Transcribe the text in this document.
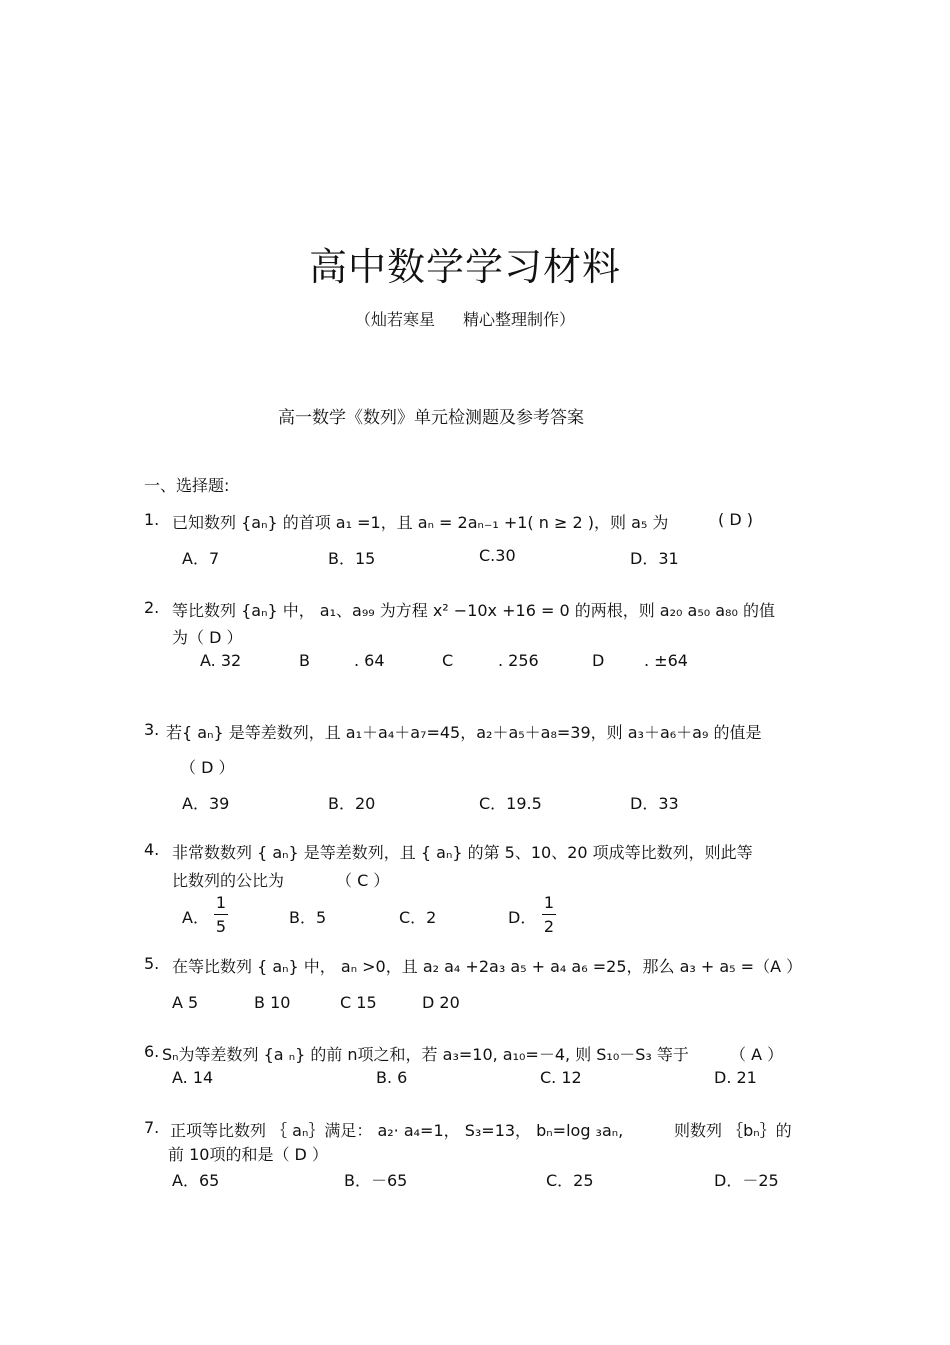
高中数学学习材料
（灿若寒星 精心整理制作）
高一数学《数列》单元检测题及参考答案
一、选择题:
1. 已知数列 {aₙ} 的首项 a₁ =1，且 aₙ = 2aₙ₋₁ +1( n ≥ 2 )，则 a₅ 为	( D )
A．7	B．15	C.30	D．31
2. 等比数列 {aₙ} 中， a₁、a₉₉ 为方程 x² −10x +16 = 0 的两根，则 a₂₀ a₅₀ a₈₀ 的值
为（ D ）
A. 32	B	. 64	C	. 256	D . ±64
3. 若{ aₙ} 是等差数列，且 a₁＋a₄＋a₇=45，a₂＋a₅＋a₈=39，则 a₃＋a₆＋a₉ 的值是
（ D ）
A．39	B．20	C．19.5	D．33
4. 非常数数列 { aₙ} 是等差数列，且 { aₙ} 的第 5、10、20 项成等比数列，则此等
比数列的公比为	（ C ）
A．
1
5	B．5	C．2	D．
1
2
5. 在等比数列 { aₙ} 中， aₙ >0，且 a₂ a₄ +2a₃ a₅ + a₄ a₆ =25，那么 a₃ + a₅ =（A ）
A 5	B 10	C 15	D 20
6. Sₙ为等差数列 {a ₙ} 的前 n项之和，若 a₃=10, a₁₀=－4, 则 S₁₀－S₃ 等于	（ A ）
A. 14	B. 6	C. 12	D. 21
7. 正项等比数列 ｛ aₙ｝满足： a₂· a₄=1， S₃=13， bₙ=log ₃aₙ,	则数列 ｛bₙ｝的
前 10项的和是（ D ）
A．65	B．－65	C．25	D．－25
